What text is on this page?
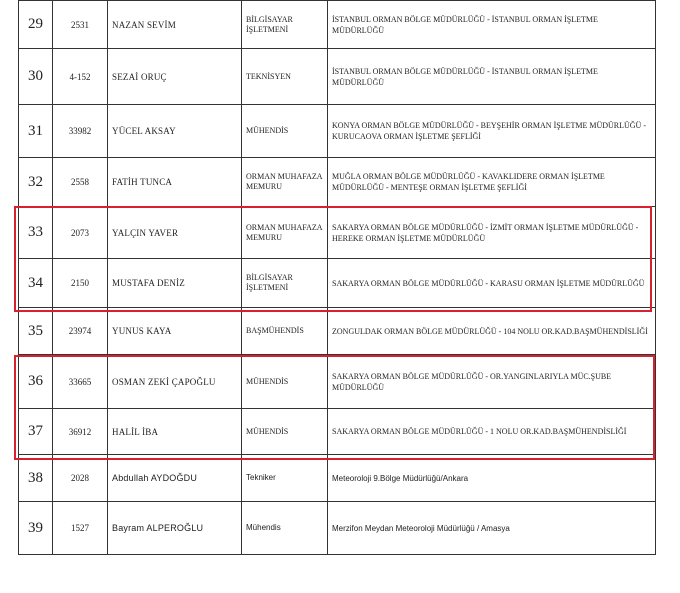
29	2531	NAZAN SEVİM	BİLGİSAYAR İŞLETMENİ	İSTANBUL ORMAN BÖLGE MÜDÜRLÜĞÜ - İSTANBUL ORMAN İŞLETME MÜDÜRLÜĞÜ
30	4-152	SEZAİ ORUÇ	TEKNİSYEN	İSTANBUL ORMAN BÖLGE MÜDÜRLÜĞÜ - İSTANBUL ORMAN İŞLETME MÜDÜRLÜĞÜ
31	33982	YÜCEL AKSAY	MÜHENDİS	KONYA ORMAN BÖLGE MÜDÜRLÜĞÜ - BEYŞEHİR ORMAN İŞLETME MÜDÜRLÜĞÜ - KURUCAOVA ORMAN İŞLETME ŞEFLİĞİ
32	2558	FATİH TUNCA	ORMAN MUHAFAZA MEMURU	MUĞLA ORMAN BÖLGE MÜDÜRLÜĞÜ - KAVAKLIDERE ORMAN İŞLETME MÜDÜRLÜĞÜ - MENTEŞE ORMAN İŞLETME ŞEFLİĞİ
33	2073	YALÇIN YAVER	ORMAN MUHAFAZA MEMURU	SAKARYA ORMAN BÖLGE MÜDÜRLÜĞÜ - İZMİT ORMAN İŞLETME MÜDÜRLÜĞÜ - HEREKE ORMAN İŞLETME MÜDÜRLÜĞÜ
34	2150	MUSTAFA DENİZ	BİLGİSAYAR İŞLETMENİ	SAKARYA ORMAN BÖLGE MÜDÜRLÜĞÜ - KARASU ORMAN İŞLETME MÜDÜRLÜĞÜ
35	23974	YUNUS KAYA	BAŞMÜHENDİS	ZONGULDAK ORMAN BÖLGE MÜDÜRLÜĞÜ - 104 NOLU OR.KAD.BAŞMÜHENDİSLİĞİ
36	33665	OSMAN ZEKİ ÇAPOĞLU	MÜHENDİS	SAKARYA ORMAN BÖLGE MÜDÜRLÜĞÜ - OR.YANGINLARIYLA MÜC.ŞUBE MÜDÜRLÜĞÜ
37	36912	HALİL İBA	MÜHENDİS	SAKARYA ORMAN BÖLGE MÜDÜRLÜĞÜ - 1 NOLU OR.KAD.BAŞMÜHENDİSLİĞİ
38	2028	Abdullah AYDOĞDU	Tekniker	Meteoroloji 9.Bölge Müdürlüğü/Ankara
39	1527	Bayram ALPEROĞLU	Mühendis	Merzifon Meydan Meteoroloji Müdürlüğü / Amasya
